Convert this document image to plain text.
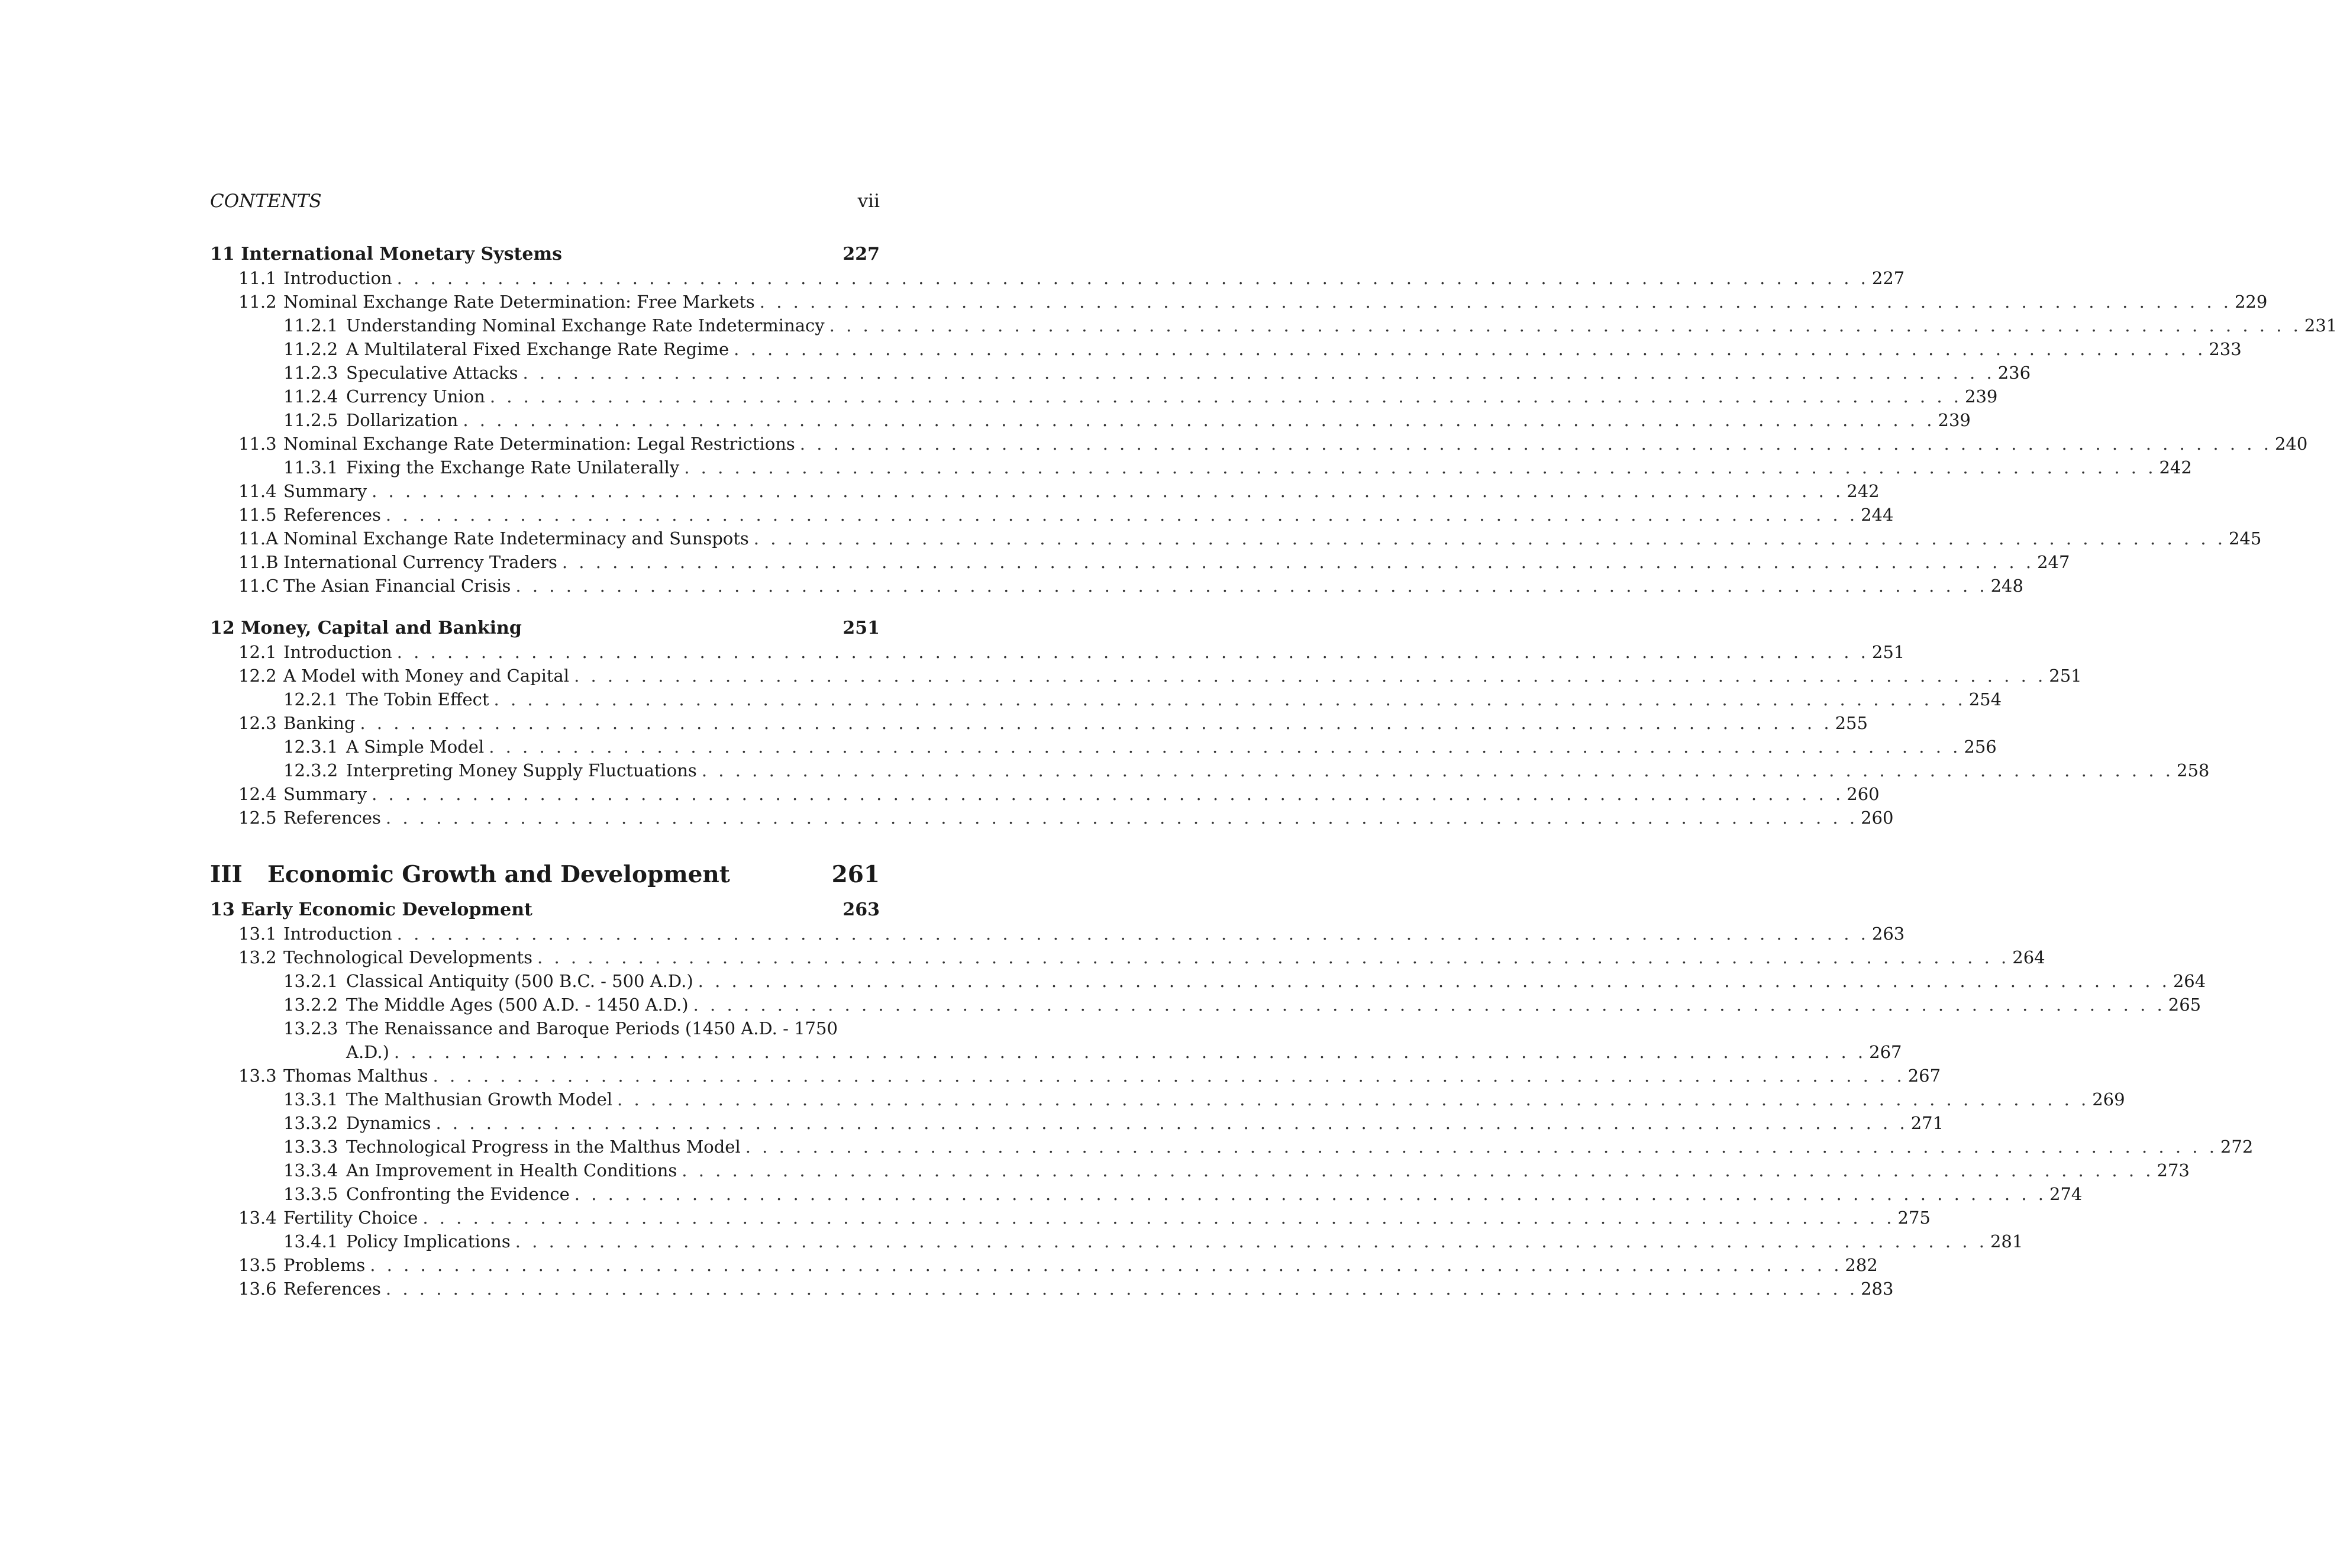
CONTENTS	vii
11 International Monetary Systems	227
11.1 Introduction . . .	227
11.2 Nominal Exchange Rate Determination: Free Markets . . .	229
11.2.1 Understanding Nominal Exchange Rate Indeterminacy . . .	231
11.2.2 A Multilateral Fixed Exchange Rate Regime . . .	233
11.2.3 Speculative Attacks . . .	236
11.2.4 Currency Union . . .	239
11.2.5 Dollarization . . .	239
11.3 Nominal Exchange Rate Determination: Legal Restrictions . . .	240
11.3.1 Fixing the Exchange Rate Unilaterally . . .	242
11.4 Summary . . .	242
11.5 References . . .	244
11.A Nominal Exchange Rate Indeterminacy and Sunspots . . .	245
11.B International Currency Traders . . .	247
11.C The Asian Financial Crisis . . .	248
12 Money, Capital and Banking	251
12.1 Introduction . . .	251
12.2 A Model with Money and Capital . . .	251
12.2.1 The Tobin Effect . . .	254
12.3 Banking . . .	255
12.3.1 A Simple Model . . .	256
12.3.2 Interpreting Money Supply Fluctuations . . .	258
12.4 Summary . . .	260
12.5 References . . .	260
III Economic Growth and Development	261
13 Early Economic Development	263
13.1 Introduction . . .	263
13.2 Technological Developments . . .	264
13.2.1 Classical Antiquity (500 B.C. - 500 A.D.) . . .	264
13.2.2 The Middle Ages (500 A.D. - 1450 A.D.) . . .	265
13.2.3 The Renaissance and Baroque Periods (1450 A.D. - 1750
A.D.) . . .	267
13.3 Thomas Malthus . . .	267
13.3.1 The Malthusian Growth Model . . .	269
13.3.2 Dynamics . . .	271
13.3.3 Technological Progress in the Malthus Model . . .	272
13.3.4 An Improvement in Health Conditions . . .	273
13.3.5 Confronting the Evidence . . .	274
13.4 Fertility Choice . . .	275
13.4.1 Policy Implications . . .	281
13.5 Problems . . .	282
13.6 References . . .	283
